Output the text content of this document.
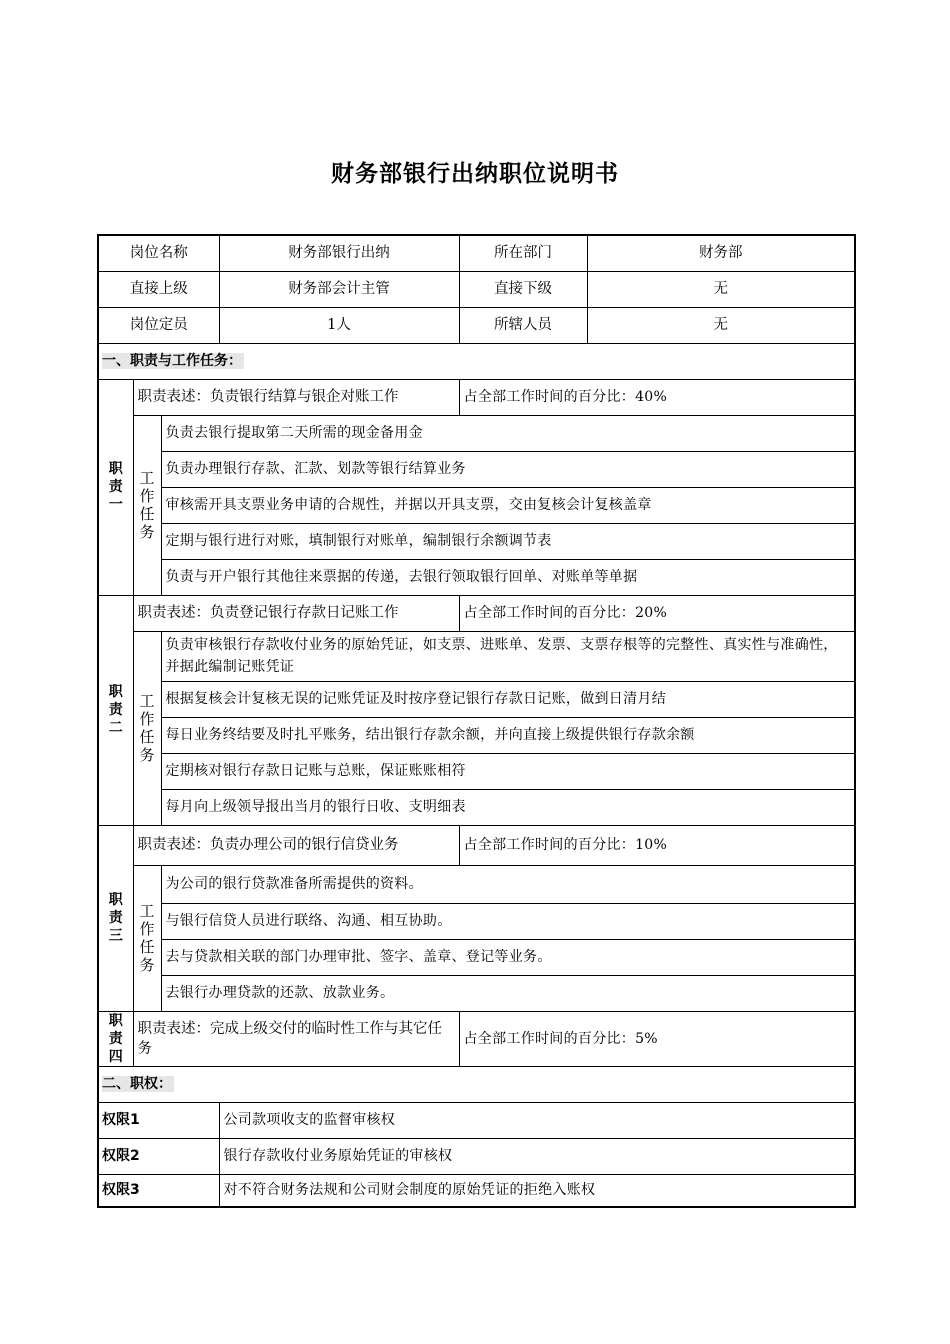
财务部银行出纳职位说明书
岗位名称			财务部银行出纳	所在部门	财务部
直接上级			财务部会计主管	直接下级	无
岗位定员			1人	所辖人员	无
一、职责与工作任务：					
职责一	职责表述：负责银行结算与银企对账工作			占全部工作时间的百分比：40%	
	工作任务	负责去银行提取第二天所需的现金备用金			
		负责办理银行存款、汇款、划款等银行结算业务			
		审核需开具支票业务申请的合规性，并据以开具支票，交由复核会计复核盖章			
		定期与银行进行对账，填制银行对账单，编制银行余额调节表			
		负责与开户银行其他往来票据的传递，去银行领取银行回单、对账单等单据			
职责二	职责表述：负责登记银行存款日记账工作			占全部工作时间的百分比：20%	
	工作任务	负责审核银行存款收付业务的原始凭证，如支票、进账单、发票、支票存根等的完整性、真实性与准确性，并据此编制记账凭证			
		根据复核会计复核无误的记账凭证及时按序登记银行存款日记账，做到日清月结			
		每日业务终结要及时扎平账务，结出银行存款余额，并向直接上级提供银行存款余额			
		定期核对银行存款日记账与总账，保证账账相符			
		每月向上级领导报出当月的银行日收、支明细表			
职责三	职责表述：负责办理公司的银行信贷业务			占全部工作时间的百分比：10%	
	工作任务	为公司的银行贷款准备所需提供的资料。			
		与银行信贷人员进行联络、沟通、相互协助。			
		去与贷款相关联的部门办理审批、签字、盖章、登记等业务。			
		去银行办理贷款的还款、放款业务。			
职责四	职责表述：完成上级交付的临时性工作与其它任务			占全部工作时间的百分比：5%	
二、职权：					
权限1			公司款项收支的监督审核权		
权限2			银行存款收付业务原始凭证的审核权		
权限3			对不符合财务法规和公司财会制度的原始凭证的拒绝入账权		
